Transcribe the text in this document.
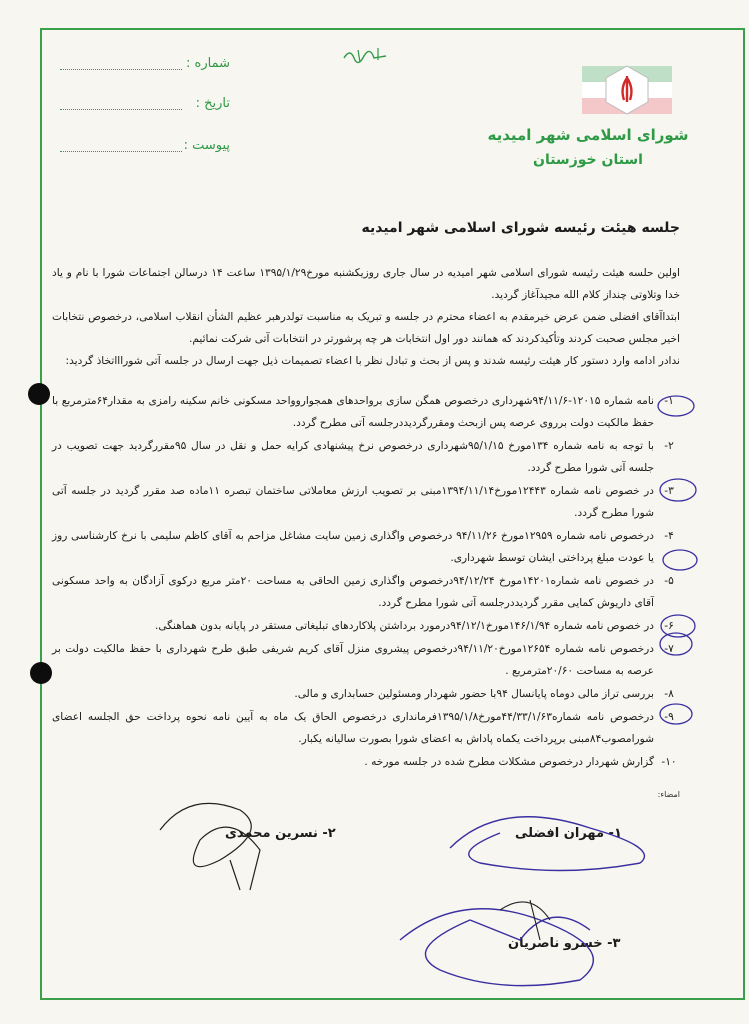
شورای اسلامی شهر امیدیه
استان خوزستان
شماره :
تاریخ :
پیوست :
جلسه هیئت رئیسه شورای اسلامی شهر امیدیه

اولین حلسه هیئت رئیسه شورای اسلامی شهر امیدیه در سال جاری روزیکشنبه مورخ۱۳۹۵/۱/۲۹ ساعت ۱۴ درسالن اجتماعات شورا با نام و یاد خدا وتلاوتی چنداز کلام الله مجیدآغاز گردید.

ابتدا‌آقای افضلی ضمن عرض خیرمقدم به اعضاء محترم در جلسه و تبریک به مناسبت تولدرهبر عظیم الشأن انقلاب اسلامی، درخصوص نتخابات اخیر مجلس صحبت کردند وتأکیدکردند که همانند دور اول انتخابات هر چه پرشورتر در انتخابات آتی شرکت نمائیم.

ندادر ادامه وارد دستور کار هیئت رئیسه شدند و پس از بحث و تبادل نظر با اعضاء تصمیمات ذیل جهت ارسال در جلسه آتی شوراااتخاذ گردید:

۱-
نامه شماره ۱۲۰۱۵-۹۴/۱۱/۶شهرداری درخصوص همگن سازی برواحدهای همجواروواحد مسکونی خانم سکینه رامزی به مقدار۶۴مترمربع با حفظ مالکیت دولت برروی عرصه پس ازبحث ومقررگردیددرجلسه آتی مطرح گردد.
۲-
با توجه به نامه شماره ۱۳۴مورخ ۹۵/۱/۱۵شهرداری درخصوص نرخ پیشنهادی کرایه حمل و نقل در سال ۹۵مقررگردید جهت تصویب در جلسه آتی شورا مطرح گردد.
۳-
در خصوص نامه شماره ۱۲۴۴۳مورخ۱۳۹۴/۱۱/۱۴مبنی بر تصویب ارزش معاملاتی ساختمان تبصره ۱۱ماده صد مقرر گردید در جلسه آتی شورا مطرح گردد.
۴-
درخصوص نامه شماره ۱۲۹۵۹مورخ ۹۴/۱۱/۲۶ درخصوص واگذاری زمین سایت مشاغل مزاحم به آقای کاظم سلیمی با نرخ کارشناسی روز یا عودت مبلغ پرداختی ایشان توسط شهرداری.
۵-
در خصوص نامه شماره۱۴۲۰۱مورخ ۹۴/۱۲/۲۴درخصوص واگذاری زمین الحاقی به مساحت ۲۰متر مربع درکوی آزادگان به واحد مسکونی آقای داریوش کمایی مقرر گردیددرجلسه آتی شورا مطرح گردد.
۶-
در خصوص نامه شماره ۱۴۶/۱/۹۴مورخ۹۴/۱۲/۱درمورد برداشتن پلاکاردهای تبلیغاتی مستقر در پایانه بدون هماهنگی.
۷-
درخصوص نامه شماره ۱۲۶۵۴مورخ۹۴/۱۱/۲۰درخصوص پیشروی منزل آقای کریم شریفی طبق طرح شهرداری با حفظ مالکیت دولت بر عرصه به مساحت ۲۰/۶۰مترمربع .
۸-
بر‌رسی تراز مالی دوماه پایانسال ۹۴با حضور شهردار ومسئولین حسابداری و مالی.
۹-
درخصوص نامه شماره۴۴/۳۳/۱/۶۳مورخ۱۳۹۵/۱/۸فرمانداری درخصوص الحاق یک ماه به آیین نامه نحوه پرداخت حق الجلسه اعضای شورامصوب۸۴مبنی برپرداخت یکماه پاداش به اعضای شورا بصورت سالیانه یکبار.
۱۰-
گزارش شهردار درخصوص مشکلات مطرح شده در جلسه مورخه .
امضاء:
۱- مهران افضلی
۲- نسرین محمدی
۳- خسرو ناصریان
